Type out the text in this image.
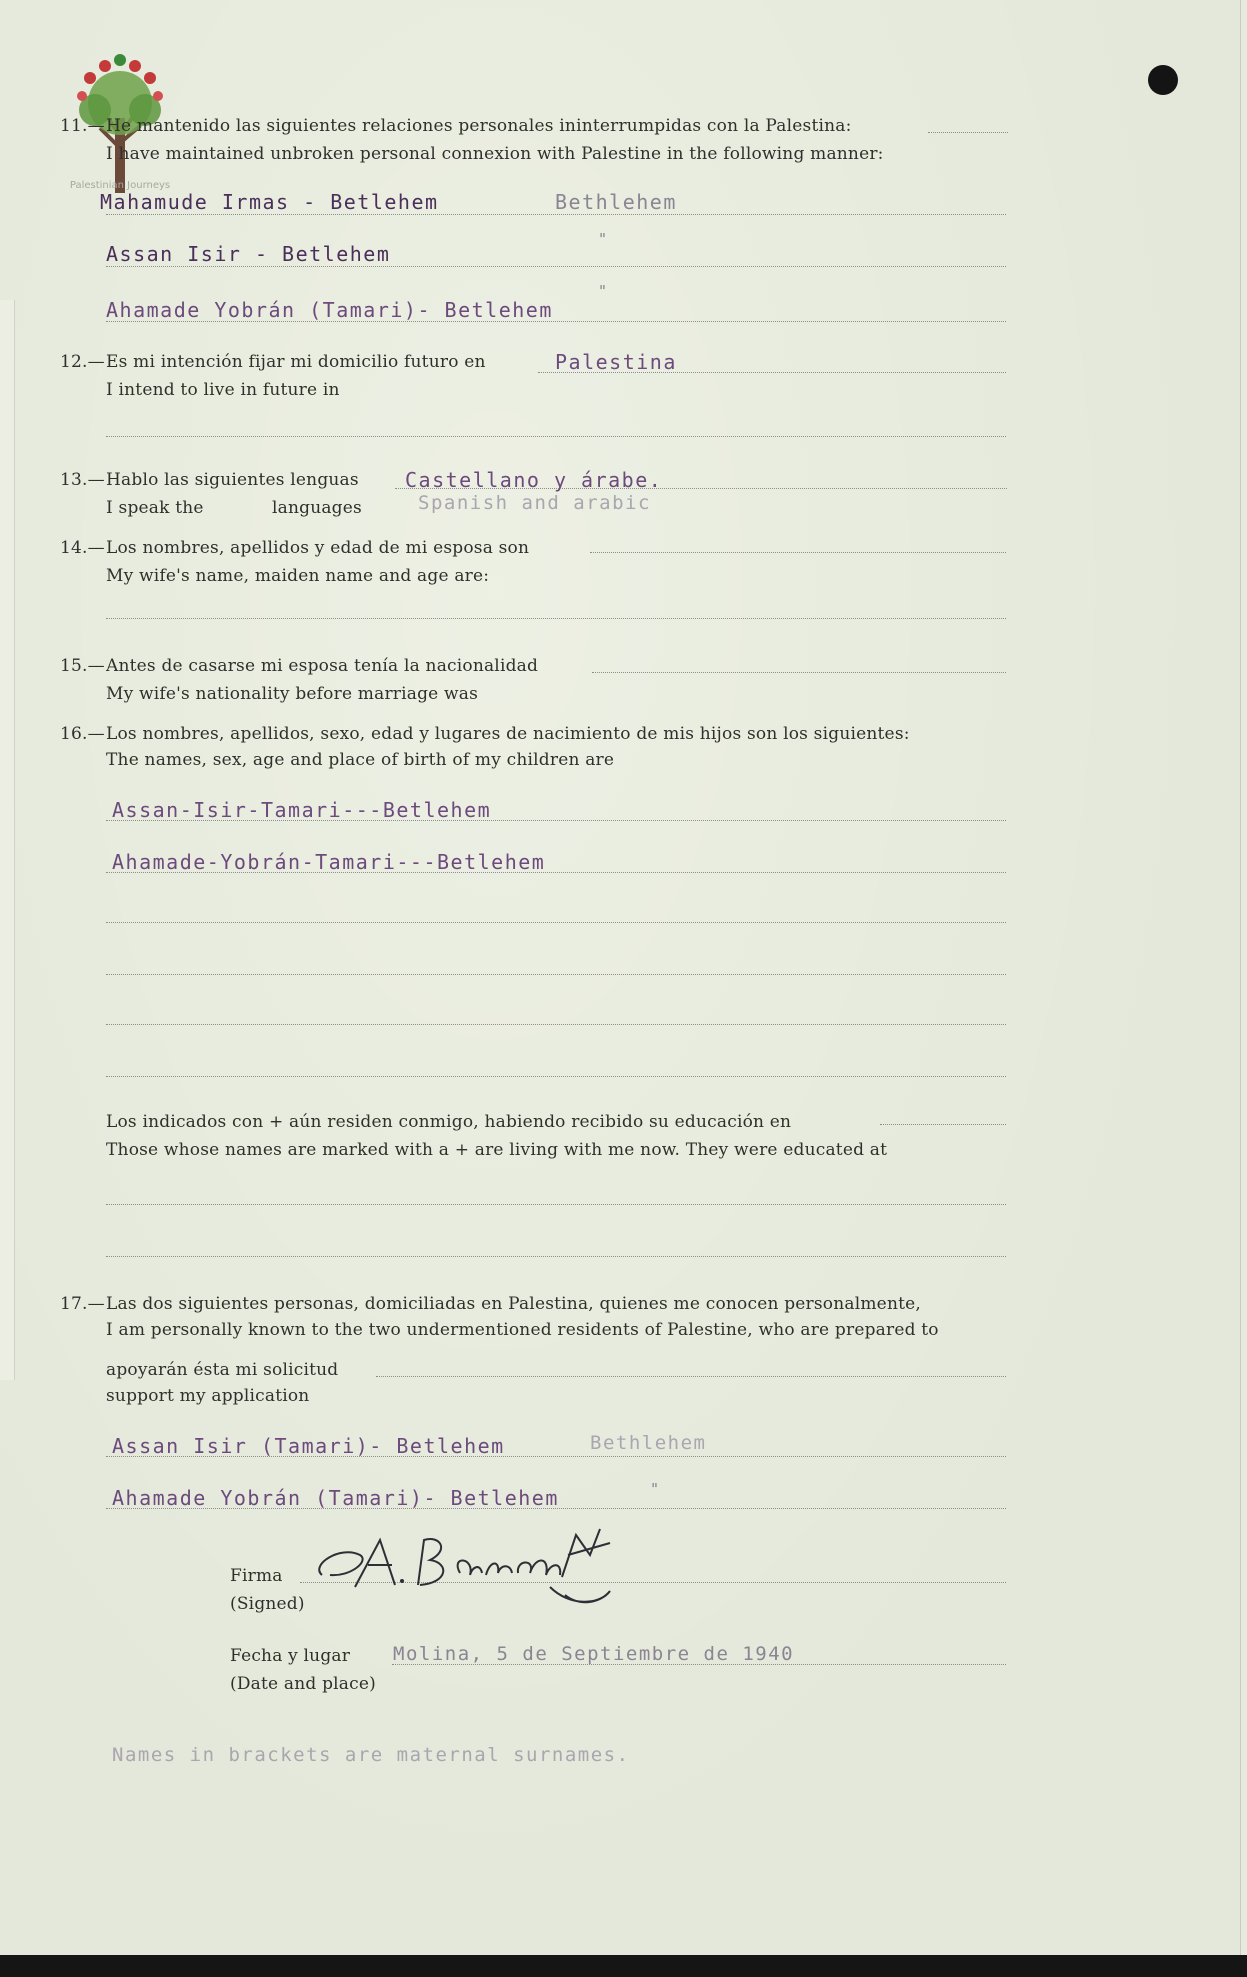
Palestinian Journeys
11.— He mantenido las siguientes relaciones personales ininterrumpidas con la Palestina:
I have maintained unbroken personal connexion with Palestine in the following manner:
Mahamude Irmas - Betlehem	Bethlehem
Assan Isir - Betlehem
"
Ahamade Yobrán (Tamari)- Betlehem
"
12.— Es mi intención fijar mi domicilio futuro en	Palestina
I intend to live in future in
13.— Hablo las siguientes lenguas Castellano y árabe.
I speak the	languages	Spanish and arabic
14.— Los nombres, apellidos y edad de mi esposa son
My wife's name, maiden name and age are:
15.— Antes de casarse mi esposa tenía la nacionalidad
My wife's nationality before marriage was
16.— Los nombres, apellidos, sexo, edad y lugares de nacimiento de mis hijos son los siguientes:
The names, sex, age and place of birth of my children are
Assan-Isir-Tamari---Betlehem
Ahamade-Yobrán-Tamari---Betlehem
Los indicados con + aún residen conmigo, habiendo recibido su educación en
Those whose names are marked with a + are living with me now. They were educated at
17.— Las dos siguientes personas, domiciliadas en Palestina, quienes me conocen personalmente,
I am personally known to the two undermentioned residents of Palestine, who are prepared to
apoyarán ésta mi solicitud
support my application
Assan Isir (Tamari)- Betlehem	Bethlehem
Ahamade Yobrán (Tamari)- Betlehem	"
Firma
(Signed)
Fecha y lugar Molina, 5 de Septiembre de 1940
(Date and place)
Names in brackets are maternal surnames.
